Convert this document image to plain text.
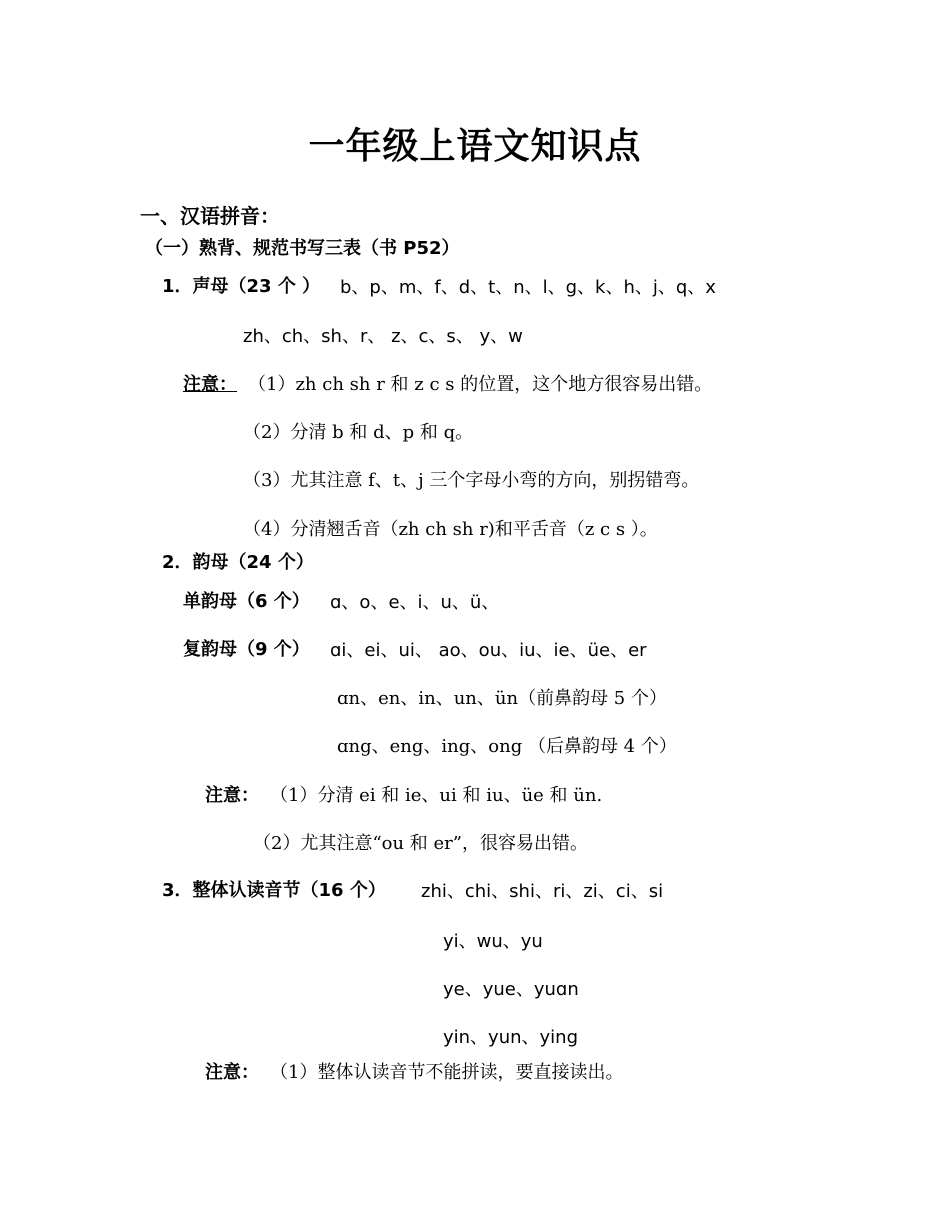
一年级上语文知识点
一、汉语拼音：
（一）熟背、规范书写三表（书 P52）
1．声母（23 个 ） b、p、m、f、d、t、n、l、g、k、h、j、q、x
zh、ch、sh、r、 z、c、s、 y、w
注意： （1）zh ch sh r 和 z c s 的位置，这个地方很容易出错。
（2）分清 b 和 d、p 和 q。
（3）尤其注意 f、t、j 三个字母小弯的方向，别拐错弯。
（4）分清翘舌音（zh ch sh r)和平舌音（z c s ）。
2．韵母（24 个）
单韵母（6 个） ɑ、o、e、i、u、ü、
复韵母（9 个） ɑi、ei、ui、 ao、ou、iu、ie、üe、er
ɑn、en、in、un、ün（前鼻韵母 5 个）
ɑng、eng、ing、ong （后鼻韵母 4 个）
注意： （1）分清 ei 和 ie、ui 和 iu、üe 和 ün.
（2）尤其注意“ou 和 er”，很容易出错。
3．整体认读音节（16 个） zhi、chi、shi、ri、zi、ci、si
yi、wu、yu
ye、yue、yuɑn
yin、yun、ying
注意： （1）整体认读音节不能拼读，要直接读出。
